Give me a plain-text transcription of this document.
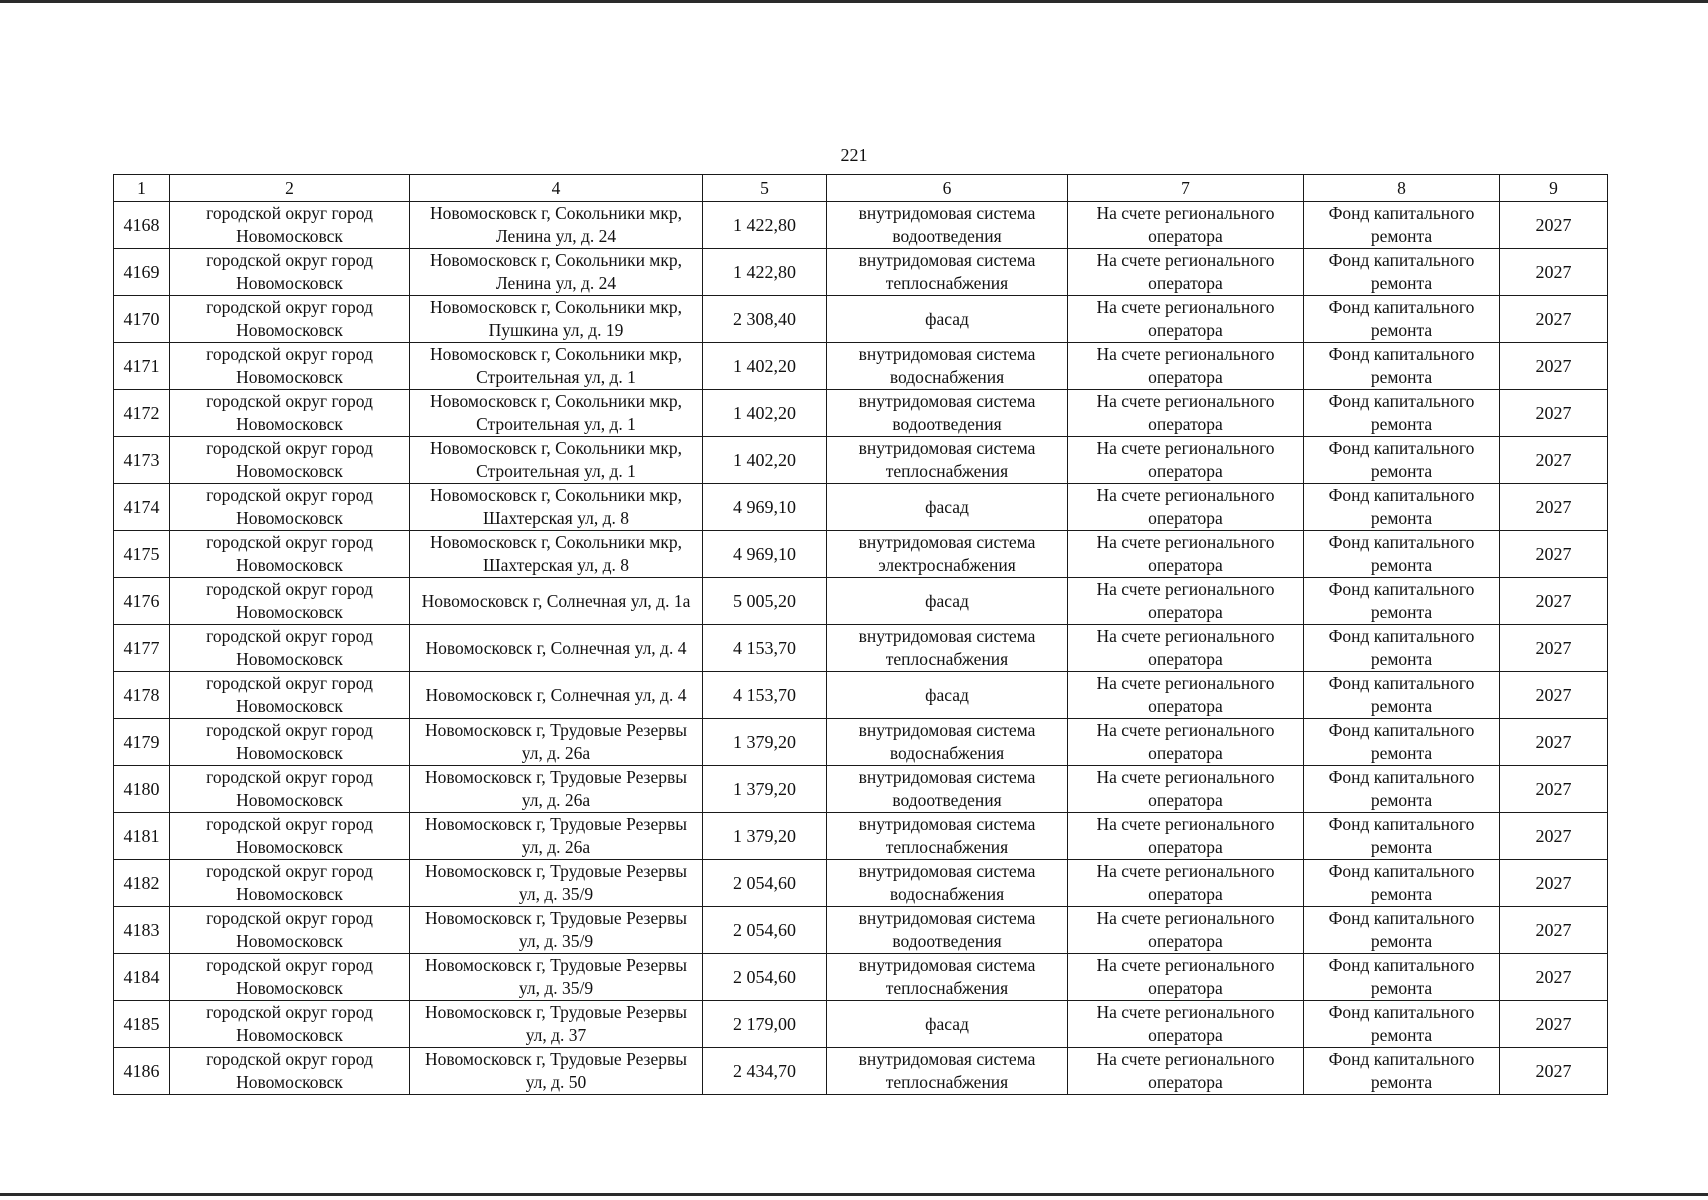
221
1	2	4	5	6	7	8	9
4168	городской округ город Новомосковск	Новомосковск г, Сокольники мкр, Ленина ул, д. 24	1 422,80	внутридомовая система водоотведения	На счете регионального оператора	Фонд капитального ремонта	2027
4169	городской округ город Новомосковск	Новомосковск г, Сокольники мкр, Ленина ул, д. 24	1 422,80	внутридомовая система теплоснабжения	На счете регионального оператора	Фонд капитального ремонта	2027
4170	городской округ город Новомосковск	Новомосковск г, Сокольники мкр, Пушкина ул, д. 19	2 308,40	фасад	На счете регионального оператора	Фонд капитального ремонта	2027
4171	городской округ город Новомосковск	Новомосковск г, Сокольники мкр, Строительная ул, д. 1	1 402,20	внутридомовая система водоснабжения	На счете регионального оператора	Фонд капитального ремонта	2027
4172	городской округ город Новомосковск	Новомосковск г, Сокольники мкр, Строительная ул, д. 1	1 402,20	внутридомовая система водоотведения	На счете регионального оператора	Фонд капитального ремонта	2027
4173	городской округ город Новомосковск	Новомосковск г, Сокольники мкр, Строительная ул, д. 1	1 402,20	внутридомовая система теплоснабжения	На счете регионального оператора	Фонд капитального ремонта	2027
4174	городской округ город Новомосковск	Новомосковск г, Сокольники мкр, Шахтерская ул, д. 8	4 969,10	фасад	На счете регионального оператора	Фонд капитального ремонта	2027
4175	городской округ город Новомосковск	Новомосковск г, Сокольники мкр, Шахтерская ул, д. 8	4 969,10	внутридомовая система электроснабжения	На счете регионального оператора	Фонд капитального ремонта	2027
4176	городской округ город Новомосковск	Новомосковск г, Солнечная ул, д. 1а	5 005,20	фасад	На счете регионального оператора	Фонд капитального ремонта	2027
4177	городской округ город Новомосковск	Новомосковск г, Солнечная ул, д. 4	4 153,70	внутридомовая система теплоснабжения	На счете регионального оператора	Фонд капитального ремонта	2027
4178	городской округ город Новомосковск	Новомосковск г, Солнечная ул, д. 4	4 153,70	фасад	На счете регионального оператора	Фонд капитального ремонта	2027
4179	городской округ город Новомосковск	Новомосковск г, Трудовые Резервы ул, д. 26а	1 379,20	внутридомовая система водоснабжения	На счете регионального оператора	Фонд капитального ремонта	2027
4180	городской округ город Новомосковск	Новомосковск г, Трудовые Резервы ул, д. 26а	1 379,20	внутридомовая система водоотведения	На счете регионального оператора	Фонд капитального ремонта	2027
4181	городской округ город Новомосковск	Новомосковск г, Трудовые Резервы ул, д. 26а	1 379,20	внутридомовая система теплоснабжения	На счете регионального оператора	Фонд капитального ремонта	2027
4182	городской округ город Новомосковск	Новомосковск г, Трудовые Резервы ул, д. 35/9	2 054,60	внутридомовая система водоснабжения	На счете регионального оператора	Фонд капитального ремонта	2027
4183	городской округ город Новомосковск	Новомосковск г, Трудовые Резервы ул, д. 35/9	2 054,60	внутридомовая система водоотведения	На счете регионального оператора	Фонд капитального ремонта	2027
4184	городской округ город Новомосковск	Новомосковск г, Трудовые Резервы ул, д. 35/9	2 054,60	внутридомовая система теплоснабжения	На счете регионального оператора	Фонд капитального ремонта	2027
4185	городской округ город Новомосковск	Новомосковск г, Трудовые Резервы ул, д. 37	2 179,00	фасад	На счете регионального оператора	Фонд капитального ремонта	2027
4186	городской округ город Новомосковск	Новомосковск г, Трудовые Резервы ул, д. 50	2 434,70	внутридомовая система теплоснабжения	На счете регионального оператора	Фонд капитального ремонта	2027
